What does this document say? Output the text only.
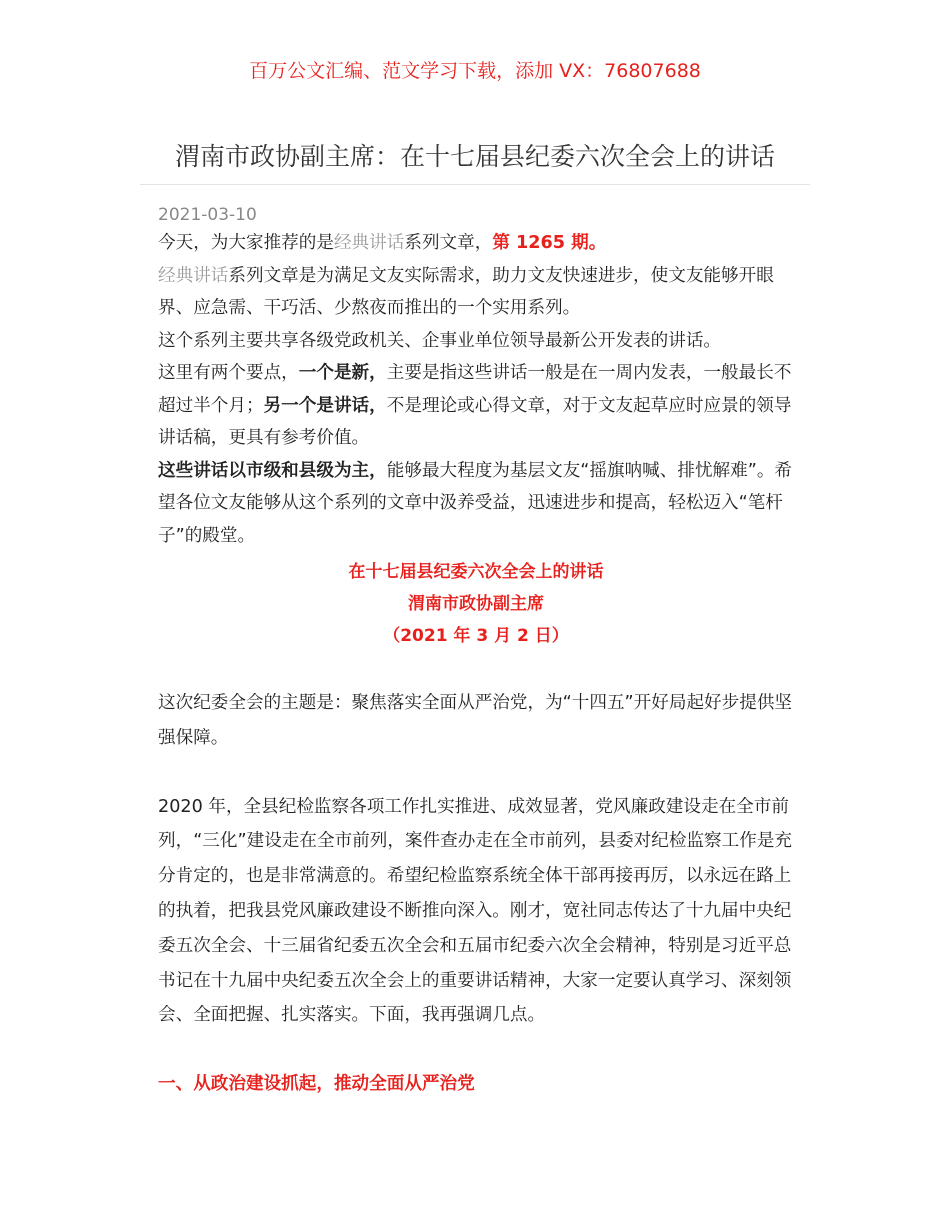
百万公文汇编、范文学习下载，添加 VX：76807688
渭南市政协副主席：在十七届县纪委六次全会上的讲话
2021-03-10

今天，为大家推荐的是经典讲话系列文章，第 1265 期。

经典讲话系列文章是为满足文友实际需求，助力文友快速进步，使文友能够开眼界、应急需、干巧活、少熬夜而推出的一个实用系列。

这个系列主要共享各级党政机关、企事业单位领导最新公开发表的讲话。

这里有两个要点，一个是新，主要是指这些讲话一般是在一周内发表，一般最长不超过半个月；另一个是讲话，不是理论或心得文章，对于文友起草应时应景的领导讲话稿，更具有参考价值。

这些讲话以市级和县级为主，能够最大程度为基层文友“摇旗呐喊、排忧解难”。希望各位文友能够从这个系列的文章中汲养受益，迅速进步和提高，轻松迈入“笔杆子”的殿堂。

在十七届县纪委六次全会上的讲话

渭南市政协副主席

（2021 年 3 月 2 日）

这次纪委全会的主题是：聚焦落实全面从严治党，为“十四五”开好局起好步提供坚强保障。

2020 年，全县纪检监察各项工作扎实推进、成效显著，党风廉政建设走在全市前列，“三化”建设走在全市前列，案件查办走在全市前列，县委对纪检监察工作是充分肯定的，也是非常满意的。希望纪检监察系统全体干部再接再厉，以永远在路上的执着，把我县党风廉政建设不断推向深入。刚才，宽社同志传达了十九届中央纪委五次全会、十三届省纪委五次全会和五届市纪委六次全会精神，特别是习近平总书记在十九届中央纪委五次全会上的重要讲话精神，大家一定要认真学习、深刻领会、全面把握、扎实落实。下面，我再强调几点。

一、从政治建设抓起，推动全面从严治党
